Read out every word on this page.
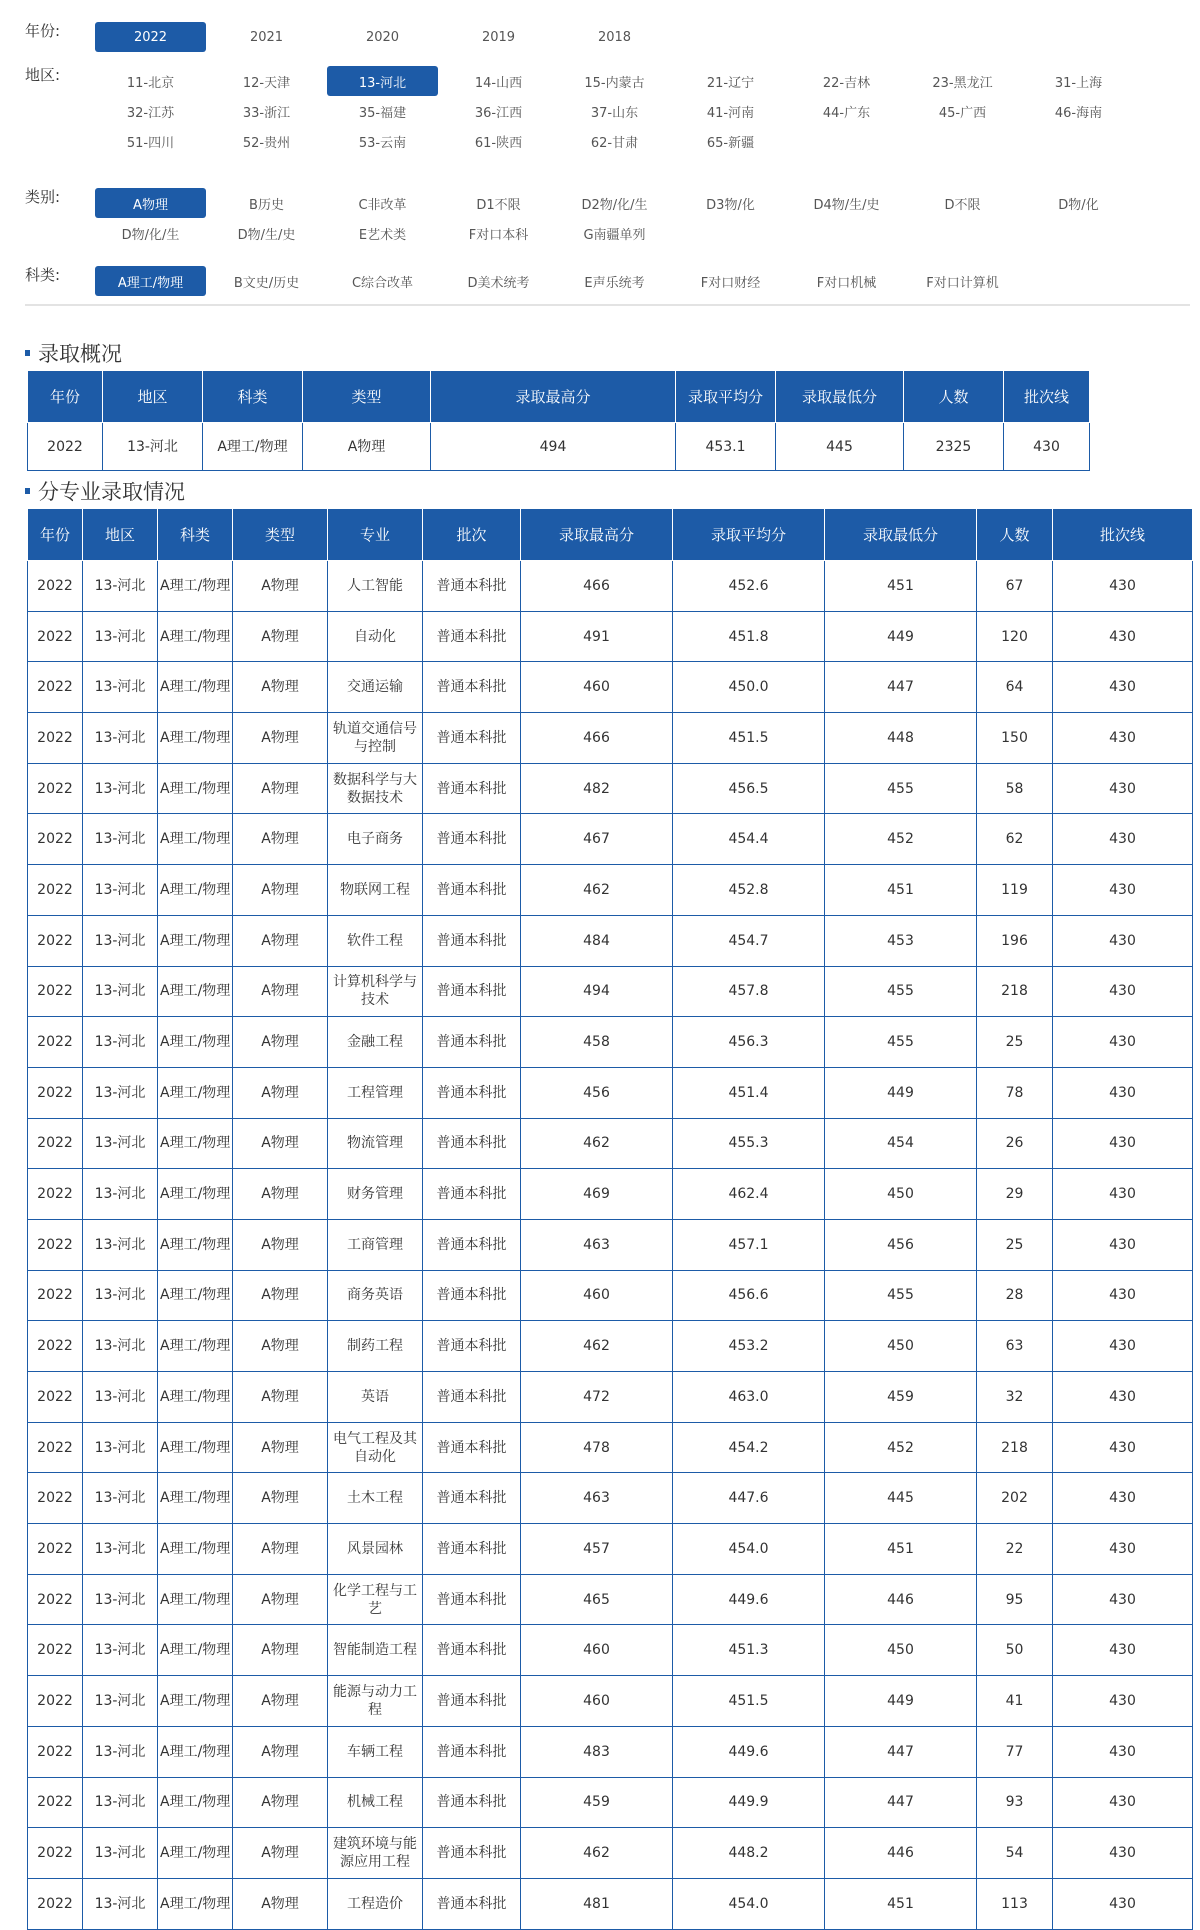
年份:	2022	2021	2020	2019	2018
地区:	11-北京	12-天津	13-河北	14-山西	15-内蒙古	21-辽宁	22-吉林	23-黑龙江	31-上海
32-江苏	33-浙江	35-福建	36-江西	37-山东	41-河南	44-广东	45-广西	46-海南
51-四川	52-贵州	53-云南	61-陕西	62-甘肃	65-新疆
类别:	A物理	B历史	C非改革	D1不限	D2物/化/生	D3物/化	D4物/生/史	D不限	D物/化
D物/化/生	D物/生/史	E艺术类	F对口本科	G南疆单列
科类:	A理工/物理	B文史/历史	C综合改革	D美术统考	E声乐统考	F对口财经	F对口机械	F对口计算机
录取概况
年份	地区	科类	类型	录取最高分	录取平均分	录取最低分	人数	批次线
2022	13-河北	A理工/物理	A物理	494	453.1	445	2325	430
分专业录取情况
年份	地区	科类	类型	专业	批次	录取最高分	录取平均分	录取最低分	人数	批次线
2022	13-河北	A理工/物理	A物理	人工智能	普通本科批	466	452.6	451	67	430
2022	13-河北	A理工/物理	A物理	自动化	普通本科批	491	451.8	449	120	430
2022	13-河北	A理工/物理	A物理	交通运输	普通本科批	460	450.0	447	64	430
2022	13-河北	A理工/物理	A物理	轨道交通信号与控制	普通本科批	466	451.5	448	150	430
2022	13-河北	A理工/物理	A物理	数据科学与大数据技术	普通本科批	482	456.5	455	58	430
2022	13-河北	A理工/物理	A物理	电子商务	普通本科批	467	454.4	452	62	430
2022	13-河北	A理工/物理	A物理	物联网工程	普通本科批	462	452.8	451	119	430
2022	13-河北	A理工/物理	A物理	软件工程	普通本科批	484	454.7	453	196	430
2022	13-河北	A理工/物理	A物理	计算机科学与技术	普通本科批	494	457.8	455	218	430
2022	13-河北	A理工/物理	A物理	金融工程	普通本科批	458	456.3	455	25	430
2022	13-河北	A理工/物理	A物理	工程管理	普通本科批	456	451.4	449	78	430
2022	13-河北	A理工/物理	A物理	物流管理	普通本科批	462	455.3	454	26	430
2022	13-河北	A理工/物理	A物理	财务管理	普通本科批	469	462.4	450	29	430
2022	13-河北	A理工/物理	A物理	工商管理	普通本科批	463	457.1	456	25	430
2022	13-河北	A理工/物理	A物理	商务英语	普通本科批	460	456.6	455	28	430
2022	13-河北	A理工/物理	A物理	制药工程	普通本科批	462	453.2	450	63	430
2022	13-河北	A理工/物理	A物理	英语	普通本科批	472	463.0	459	32	430
2022	13-河北	A理工/物理	A物理	电气工程及其自动化	普通本科批	478	454.2	452	218	430
2022	13-河北	A理工/物理	A物理	土木工程	普通本科批	463	447.6	445	202	430
2022	13-河北	A理工/物理	A物理	风景园林	普通本科批	457	454.0	451	22	430
2022	13-河北	A理工/物理	A物理	化学工程与工艺	普通本科批	465	449.6	446	95	430
2022	13-河北	A理工/物理	A物理	智能制造工程	普通本科批	460	451.3	450	50	430
2022	13-河北	A理工/物理	A物理	能源与动力工程	普通本科批	460	451.5	449	41	430
2022	13-河北	A理工/物理	A物理	车辆工程	普通本科批	483	449.6	447	77	430
2022	13-河北	A理工/物理	A物理	机械工程	普通本科批	459	449.9	447	93	430
2022	13-河北	A理工/物理	A物理	建筑环境与能源应用工程	普通本科批	462	448.2	446	54	430
2022	13-河北	A理工/物理	A物理	工程造价	普通本科批	481	454.0	451	113	430
